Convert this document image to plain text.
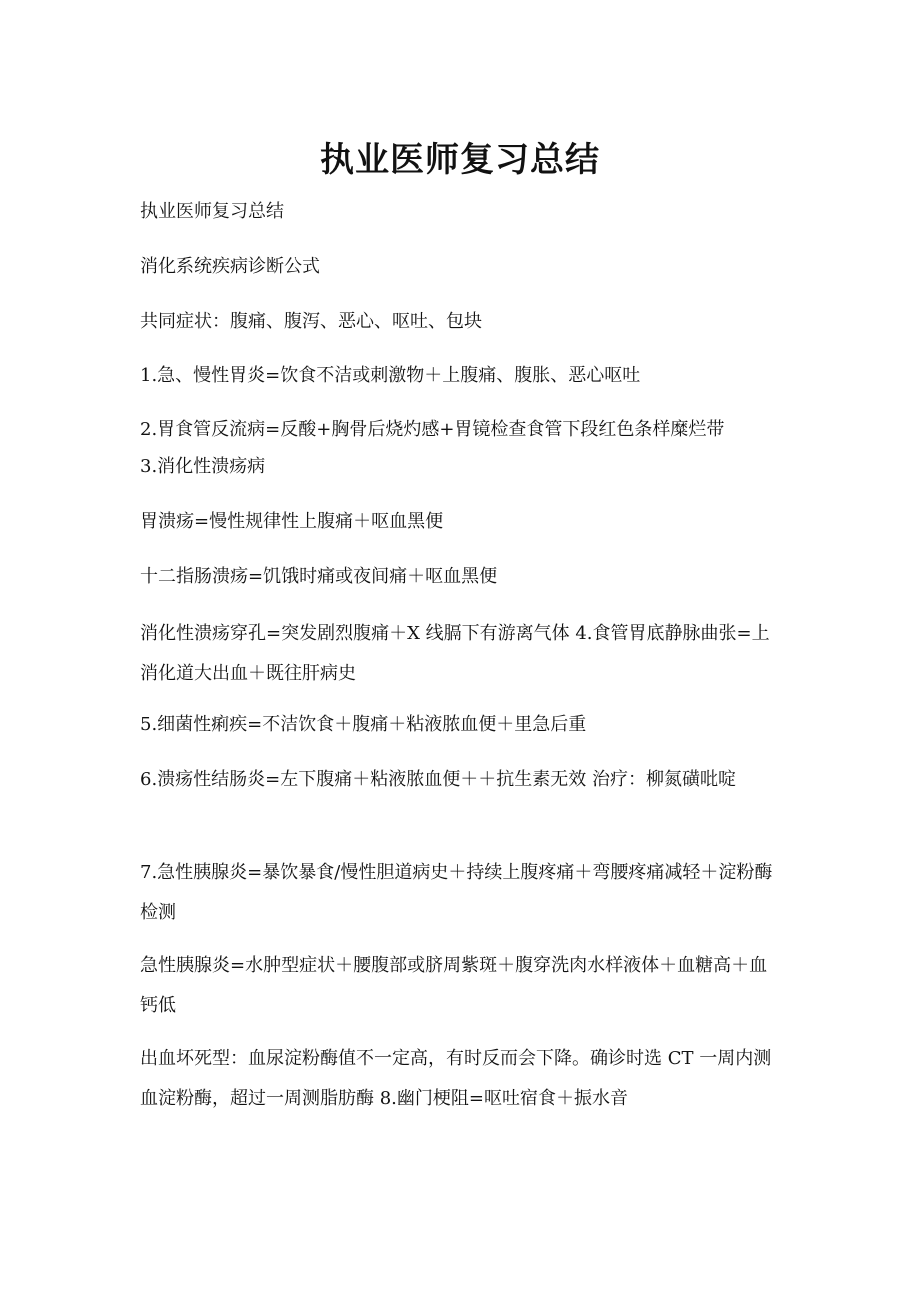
执业医师复习总结

执业医师复习总结

消化系统疾病诊断公式

共同症状：腹痛、腹泻、恶心、呕吐、包块

1.急、慢性胃炎=饮食不洁或刺激物＋上腹痛、腹胀、恶心呕吐

2.胃食管反流病=反酸+胸骨后烧灼感+胃镜检查食管下段红色条样糜烂带

3.消化性溃疡病

胃溃疡=慢性规律性上腹痛＋呕血黑便

十二指肠溃疡=饥饿时痛或夜间痛＋呕血黑便

消化性溃疡穿孔=突发剧烈腹痛＋X 线膈下有游离气体 4.食管胃底静脉曲张=上消化道大出血＋既往肝病史

5.细菌性痢疾=不洁饮食＋腹痛＋粘液脓血便＋里急后重

6.溃疡性结肠炎=左下腹痛＋粘液脓血便＋＋抗生素无效 治疗：柳氮磺吡啶

7.急性胰腺炎=暴饮暴食/慢性胆道病史＋持续上腹疼痛＋弯腰疼痛减轻＋淀粉酶检测

急性胰腺炎=水肿型症状＋腰腹部或脐周紫斑＋腹穿洗肉水样液体＋血糖高＋血钙低

出血坏死型：血尿淀粉酶值不一定高，有时反而会下降。确诊时选 CT 一周内测血淀粉酶，超过一周测脂肪酶 8.幽门梗阻=呕吐宿食＋振水音
